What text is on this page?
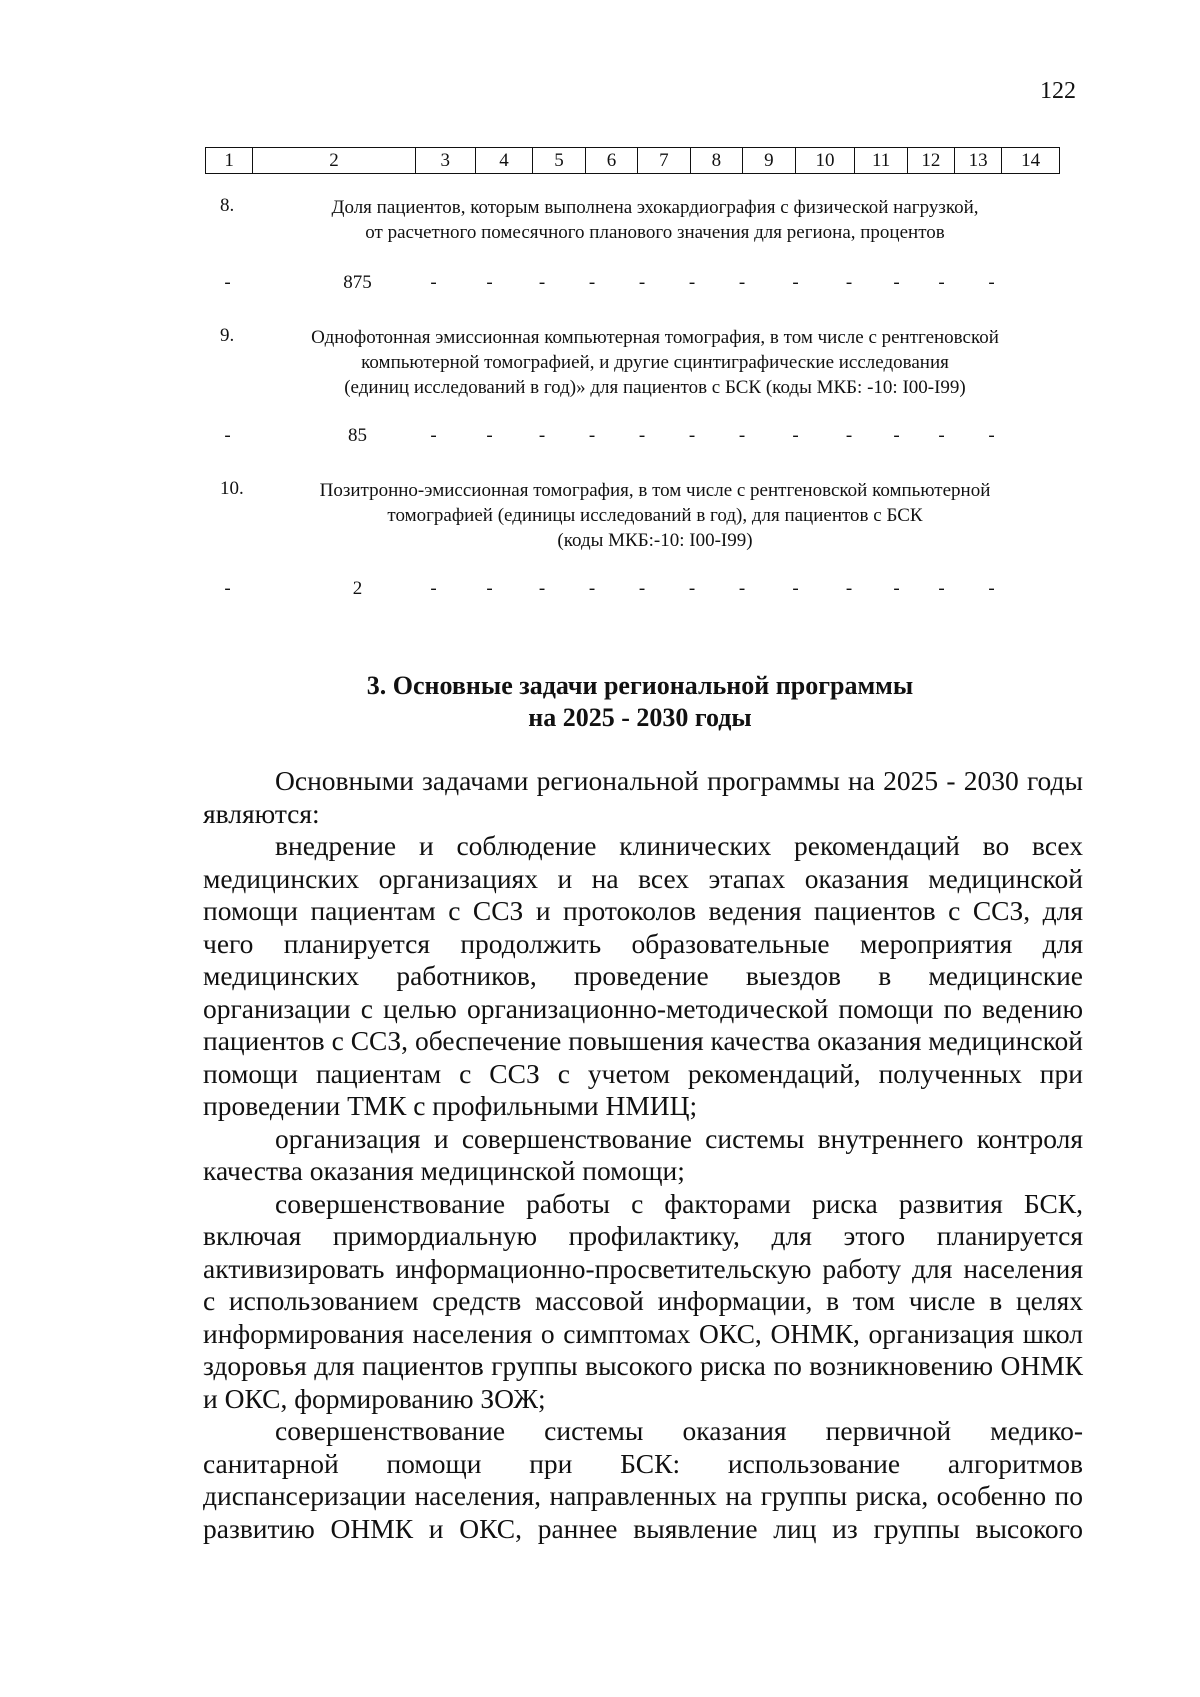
122
1	2	3	4	5	6	7	8	9	10	11	12	13	14
8.	Доля пациентов, которым выполнена эхокардиография с физической нагрузкой,

от расчетного помесячного планового значения для региона, процентов

-	875	-	-	-	-	-	-	-	-	-	-	-	-
9.	Однофотонная эмиссионная компьютерная томография, в том числе с рентгеновской

компьютерной томографией, и другие сцинтиграфические исследования

(единиц исследований в год)» для пациентов с БСК (коды МКБ: -10: I00-I99)

-	85	-	-	-	-	-	-	-	-	-	-	-	-
10.	Позитронно-эмиссионная томография, в том числе с рентгеновской компьютерной

томографией (единицы исследований в год), для пациентов с БСК

(коды МКБ:-10: I00-I99)

-	2	-	-	-	-	-	-	-	-	-	-	-	-
3. Основные задачи региональной программы
на 2025 - 2030 годы

Основными задачами региональной программы на 2025 - 2030 годы являются:

внедрение и соблюдение клинических рекомендаций во всех медицинских организациях и на всех этапах оказания медицинской помощи пациентам с ССЗ и протоколов ведения пациентов с ССЗ, для чего планируется продолжить образовательные мероприятия для медицинских работников, проведение выездов в медицинские организации с целью организационно-методической помощи по ведению пациентов с ССЗ, обеспечение повышения качества оказания медицинской помощи пациентам с ССЗ с учетом рекомендаций, полученных при проведении ТМК с профильными НМИЦ;

организация и совершенствование системы внутреннего контроля качества оказания медицинской помощи;

совершенствование работы с факторами риска развития БСК, включая примордиальную профилактику, для этого планируется активизировать информационно-просветительскую работу для населения с использованием средств массовой информации, в том числе в целях информирования населения о симптомах ОКС, ОНМК, организация школ здоровья для пациентов группы высокого риска по возникновению ОНМК и ОКС, формированию ЗОЖ;

совершенствование системы оказания первичной медико-санитарной помощи при БСК: использование алгоритмов диспансеризации населения, направленных на группы риска, особенно по развитию ОНМК и ОКС, раннее выявление лиц из группы высокого
